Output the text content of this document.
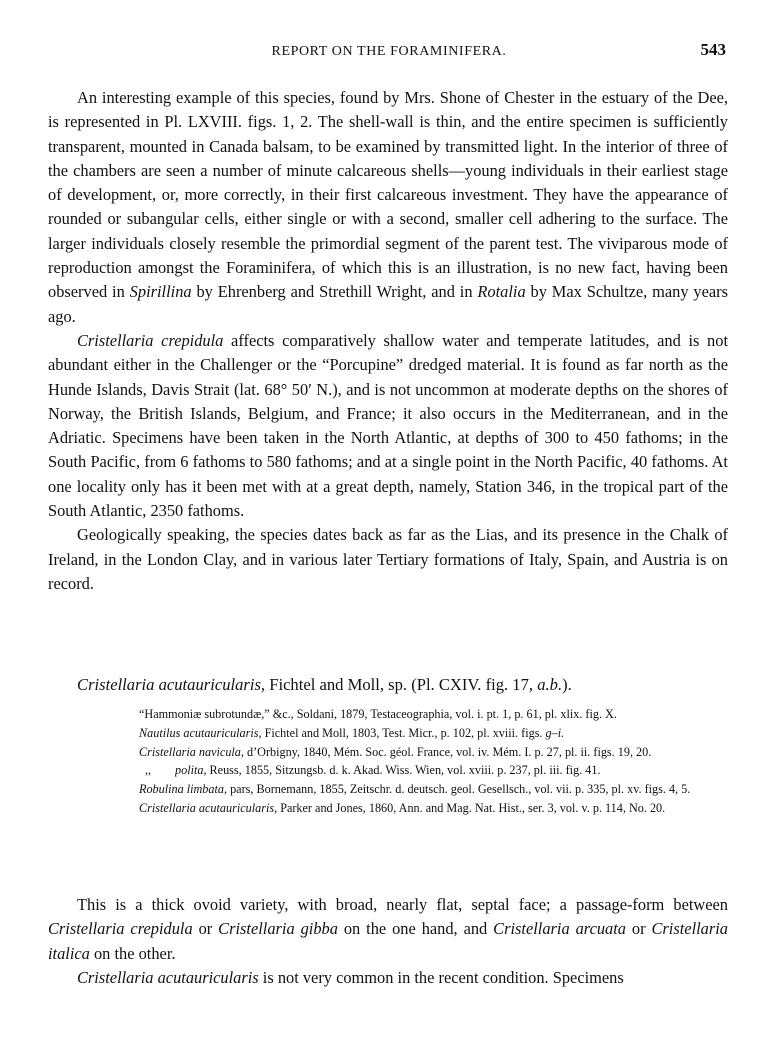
REPORT ON THE FORAMINIFERA.	543

An interesting example of this species, found by Mrs. Shone of Chester in the estuary of the Dee, is represented in Pl. LXVIII. figs. 1, 2. The shell-wall is thin, and the entire specimen is sufficiently transparent, mounted in Canada balsam, to be examined by transmitted light. In the interior of three of the chambers are seen a number of minute calcareous shells—young individuals in their earliest stage of development, or, more correctly, in their first calcareous investment. They have the appearance of rounded or subangular cells, either single or with a second, smaller cell adhering to the surface. The larger individuals closely resemble the primordial segment of the parent test. The viviparous mode of reproduction amongst the Foraminifera, of which this is an illustration, is no new fact, having been observed in Spirillina by Ehrenberg and Strethill Wright, and in Rotalia by Max Schultze, many years ago.

Cristellaria crepidula affects comparatively shallow water and temperate latitudes, and is not abundant either in the Challenger or the “Porcupine” dredged material. It is found as far north as the Hunde Islands, Davis Strait (lat. 68° 50′ N.), and is not uncommon at moderate depths on the shores of Norway, the British Islands, Belgium, and France; it also occurs in the Mediterranean, and in the Adriatic. Specimens have been taken in the North Atlantic, at depths of 300 to 450 fathoms; in the South Pacific, from 6 fathoms to 580 fathoms; and at a single point in the North Pacific, 40 fathoms. At one locality only has it been met with at a great depth, namely, Station 346, in the tropical part of the South Atlantic, 2350 fathoms.

Geologically speaking, the species dates back as far as the Lias, and its presence in the Chalk of Ireland, in the London Clay, and in various later Tertiary formations of Italy, Spain, and Austria is on record.

Cristellaria acutauricularis, Fichtel and Moll, sp. (Pl. CXIV. fig. 17, a.b.).

“Hammoniæ subrotundæ,” &c., Soldani, 1879, Testaceographia, vol. i. pt. 1, p. 61, pl. xlix. fig. X.

Nautilus acutauricularis, Fichtel and Moll, 1803, Test. Micr., p. 102, pl. xviii. figs. g–i.

Cristellaria navicula, d’Orbigny, 1840, Mém. Soc. géol. France, vol. iv. Mém. I. p. 27, pl. ii. figs. 19, 20.

,, polita, Reuss, 1855, Sitzungsb. d. k. Akad. Wiss. Wien, vol. xviii. p. 237, pl. iii. fig. 41.

Robulina limbata, pars, Bornemann, 1855, Zeitschr. d. deutsch. geol. Gesellsch., vol. vii. p. 335, pl. xv. figs. 4, 5.

Cristellaria acutauricularis, Parker and Jones, 1860, Ann. and Mag. Nat. Hist., ser. 3, vol. v. p. 114, No. 20.

This is a thick ovoid variety, with broad, nearly flat, septal face; a passage-form between Cristellaria crepidula or Cristellaria gibba on the one hand, and Cristellaria arcuata or Cristellaria italica on the other.

Cristellaria acutauricularis is not very common in the recent condition. Specimens
